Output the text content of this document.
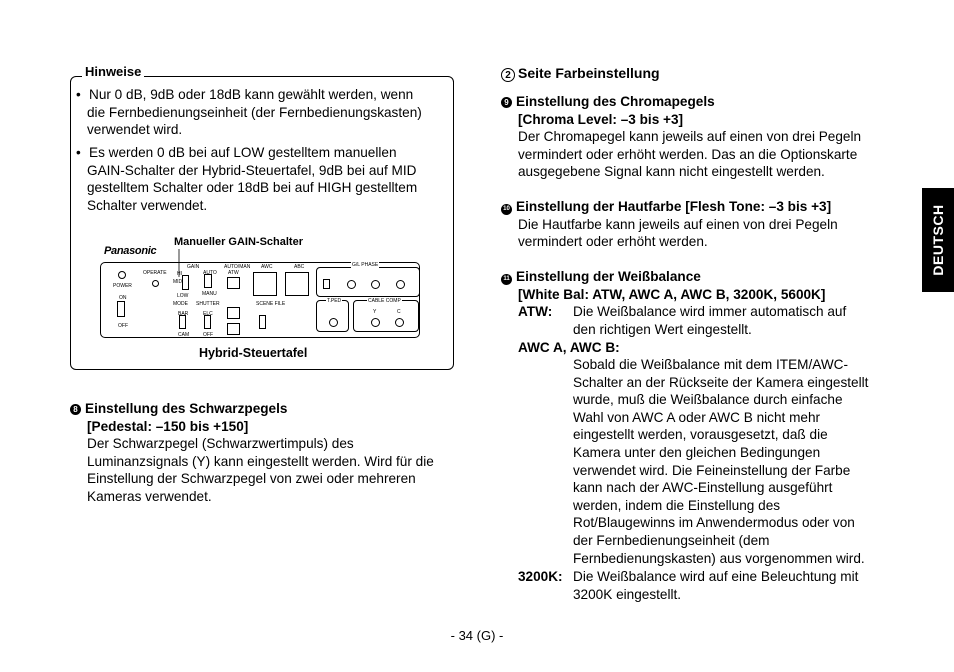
Hinweise
• Nur 0 dB, 9dB oder 18dB kann gewählt werden, wenn
die Fernbedienungseinheit (der Fernbedienungskasten)
verwendet wird.
• Es werden 0 dB bei auf LOW gestelltem manuellen
GAIN-Schalter der Hybrid-Steuertafel, 9dB bei auf MID
gestelltem Schalter oder 18dB bei auf HIGH gestelltem
Schalter verwendet.
Manueller GAIN-Schalter
Panasonic
POWER
ON
OFF
OPERATE
GAIN
HI
MID
LOW
AUTO
MANU
AUTO/MAN
ATW
AWC	ABC	G/L PHASE
MODE SHUTTER
BAR
CAM
ELC
OFF
SCENE FILE	T.PED	CABLE COMP
Y	C
Hybrid-Steuertafel
8 Einstellung des Schwarzpegels
[Pedestal: –150 bis +150]
Der Schwarzpegel (Schwarzwertimpuls) des
Luminanzsignals (Y) kann eingestellt werden. Wird für die
Einstellung der Schwarzpegel von zwei oder mehreren
Kameras verwendet.
2 Seite Farbeinstellung
9 Einstellung des Chromapegels
[Chroma Level: –3 bis +3]
Der Chromapegel kann jeweils auf einen von drei Pegeln
vermindert oder erhöht werden. Das an die Optionskarte
ausgegebene Signal kann nicht eingestellt werden.
10 Einstellung der Hautfarbe [Flesh Tone: –3 bis +3]
Die Hautfarbe kann jeweils auf einen von drei Pegeln
vermindert oder erhöht werden.
11 Einstellung der Weißbalance
[White Bal: ATW, AWC A, AWC B, 3200K, 5600K]
ATW: Die Weißbalance wird immer automatisch auf
den richtigen Wert eingestellt.
AWC A, AWC B:
Sobald die Weißbalance mit dem ITEM/AWC-
Schalter an der Rückseite der Kamera eingestellt
wurde, muß die Weißbalance durch einfache
Wahl von AWC A oder AWC B nicht mehr
eingestellt werden, vorausgesetzt, daß die
Kamera unter den gleichen Bedingungen
verwendet wird. Die Feineinstellung der Farbe
kann nach der AWC-Einstellung ausgeführt
werden, indem die Einstellung des
Rot/Blaugewinns im Anwendermodus oder von
der Fernbedienungseinheit (dem
Fernbedienungskasten) aus vorgenommen wird.
3200K: Die Weißbalance wird auf eine Beleuchtung mit
3200K eingestellt.
DEUTSCH
- 34 (G) -
